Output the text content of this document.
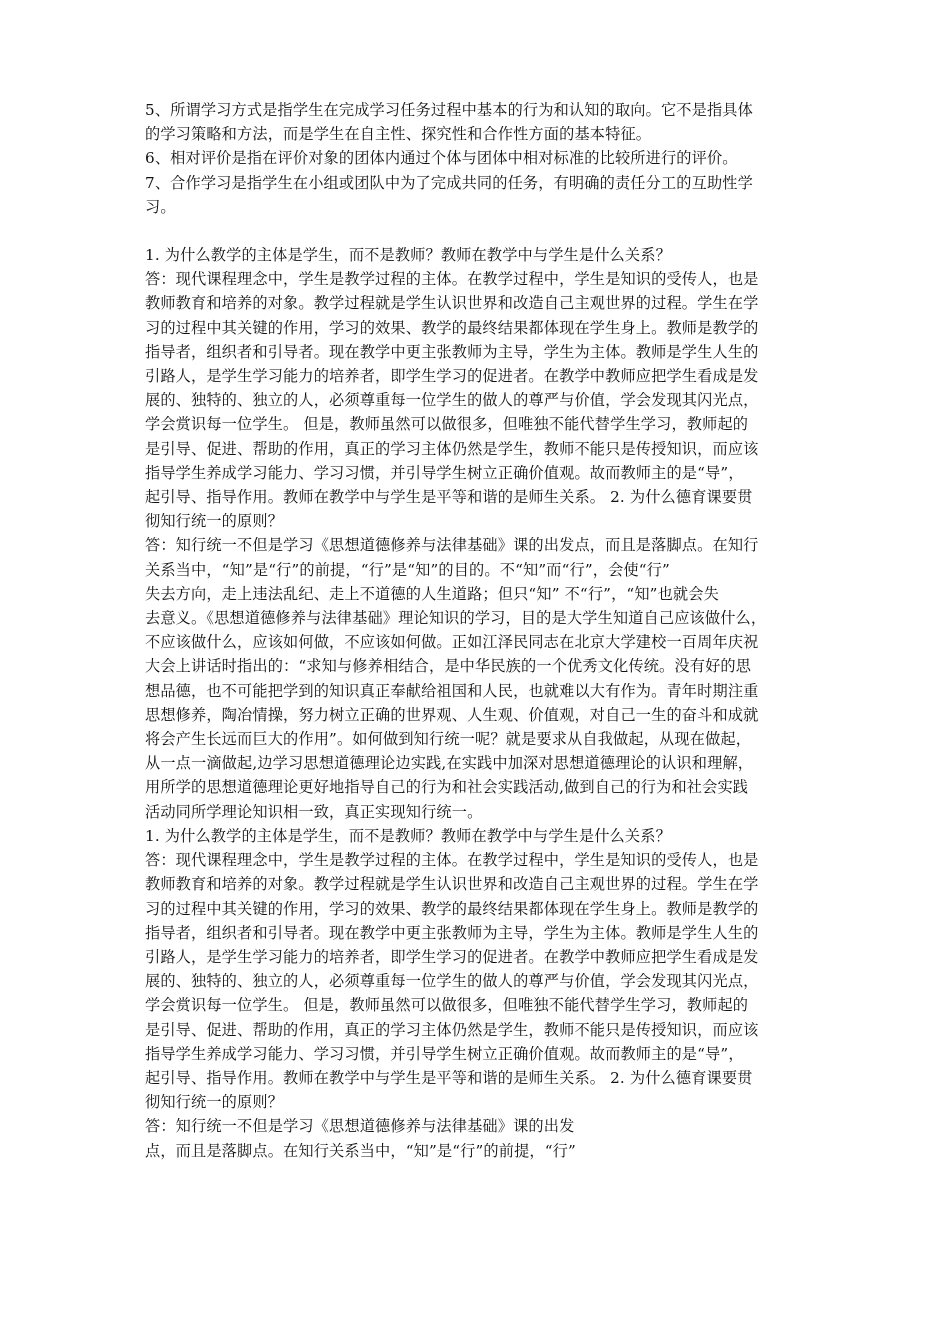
5、所谓学习方式是指学生在完成学习任务过程中基本的行为和认知的取向。它不是指具体
的学习策略和方法，而是学生在自主性、探究性和合作性方面的基本特征。
6、相对评价是指在评价对象的团体内通过个体与团体中相对标准的比较所进行的评价。
7、合作学习是指学生在小组或团队中为了完成共同的任务，有明确的责任分工的互助性学
习。
1. 为什么教学的主体是学生，而不是教师？教师在教学中与学生是什么关系？
答：现代课程理念中，学生是教学过程的主体。在教学过程中，学生是知识的受传人，也是
教师教育和培养的对象。教学过程就是学生认识世界和改造自己主观世界的过程。学生在学
习的过程中其关键的作用，学习的效果、教学的最终结果都体现在学生身上。教师是教学的
指导者，组织者和引导者。现在教学中更主张教师为主导，学生为主体。教师是学生人生的
引路人，是学生学习能力的培养者，即学生学习的促进者。在教学中教师应把学生看成是发
展的、独特的、独立的人，必须尊重每一位学生的做人的尊严与价值，学会发现其闪光点，
学会赏识每一位学生。 但是，教师虽然可以做很多，但唯独不能代替学生学习，教师起的
是引导、促进、帮助的作用，真正的学习主体仍然是学生，教师不能只是传授知识，而应该
指导学生养成学习能力、学习习惯，并引导学生树立正确价值观。故而教师主的是“导”，
起引导、指导作用。教师在教学中与学生是平等和谐的是师生关系。 2. 为什么德育课要贯
彻知行统一的原则？
答：知行统一不但是学习《思想道德修养与法律基础》课的出发点，而且是落脚点。在知行
关系当中，“知”是“行”的前提，“行”是“知”的目的。不“知”而“行”，会使“行”
失去方向，走上违法乱纪、走上不道德的人生道路；但只“知” 不“行”，“知”也就会失
去意义。《思想道德修养与法律基础》理论知识的学习，目的是大学生知道自己应该做什么，
不应该做什么，应该如何做，不应该如何做。正如江泽民同志在北京大学建校一百周年庆祝
大会上讲话时指出的：“求知与修养相结合，是中华民族的一个优秀文化传统。没有好的思
想品德，也不可能把学到的知识真正奉献给祖国和人民，也就难以大有作为。青年时期注重
思想修养，陶冶情操，努力树立正确的世界观、人生观、价值观，对自己一生的奋斗和成就
将会产生长远而巨大的作用”。如何做到知行统一呢？就是要求从自我做起，从现在做起，
从一点一滴做起,边学习思想道德理论边实践,在实践中加深对思想道德理论的认识和理解，
用所学的思想道德理论更好地指导自己的行为和社会实践活动,做到自己的行为和社会实践
活动同所学理论知识相一致，真正实现知行统一。
1. 为什么教学的主体是学生，而不是教师？教师在教学中与学生是什么关系？
答：现代课程理念中，学生是教学过程的主体。在教学过程中，学生是知识的受传人，也是
教师教育和培养的对象。教学过程就是学生认识世界和改造自己主观世界的过程。学生在学
习的过程中其关键的作用，学习的效果、教学的最终结果都体现在学生身上。教师是教学的
指导者，组织者和引导者。现在教学中更主张教师为主导，学生为主体。教师是学生人生的
引路人，是学生学习能力的培养者，即学生学习的促进者。在教学中教师应把学生看成是发
展的、独特的、独立的人，必须尊重每一位学生的做人的尊严与价值，学会发现其闪光点，
学会赏识每一位学生。 但是，教师虽然可以做很多，但唯独不能代替学生学习，教师起的
是引导、促进、帮助的作用，真正的学习主体仍然是学生，教师不能只是传授知识，而应该
指导学生养成学习能力、学习习惯，并引导学生树立正确价值观。故而教师主的是“导”，
起引导、指导作用。教师在教学中与学生是平等和谐的是师生关系。 2. 为什么德育课要贯
彻知行统一的原则？
答：知行统一不但是学习《思想道德修养与法律基础》课的出发
点，而且是落脚点。在知行关系当中，“知”是“行”的前提，“行”
